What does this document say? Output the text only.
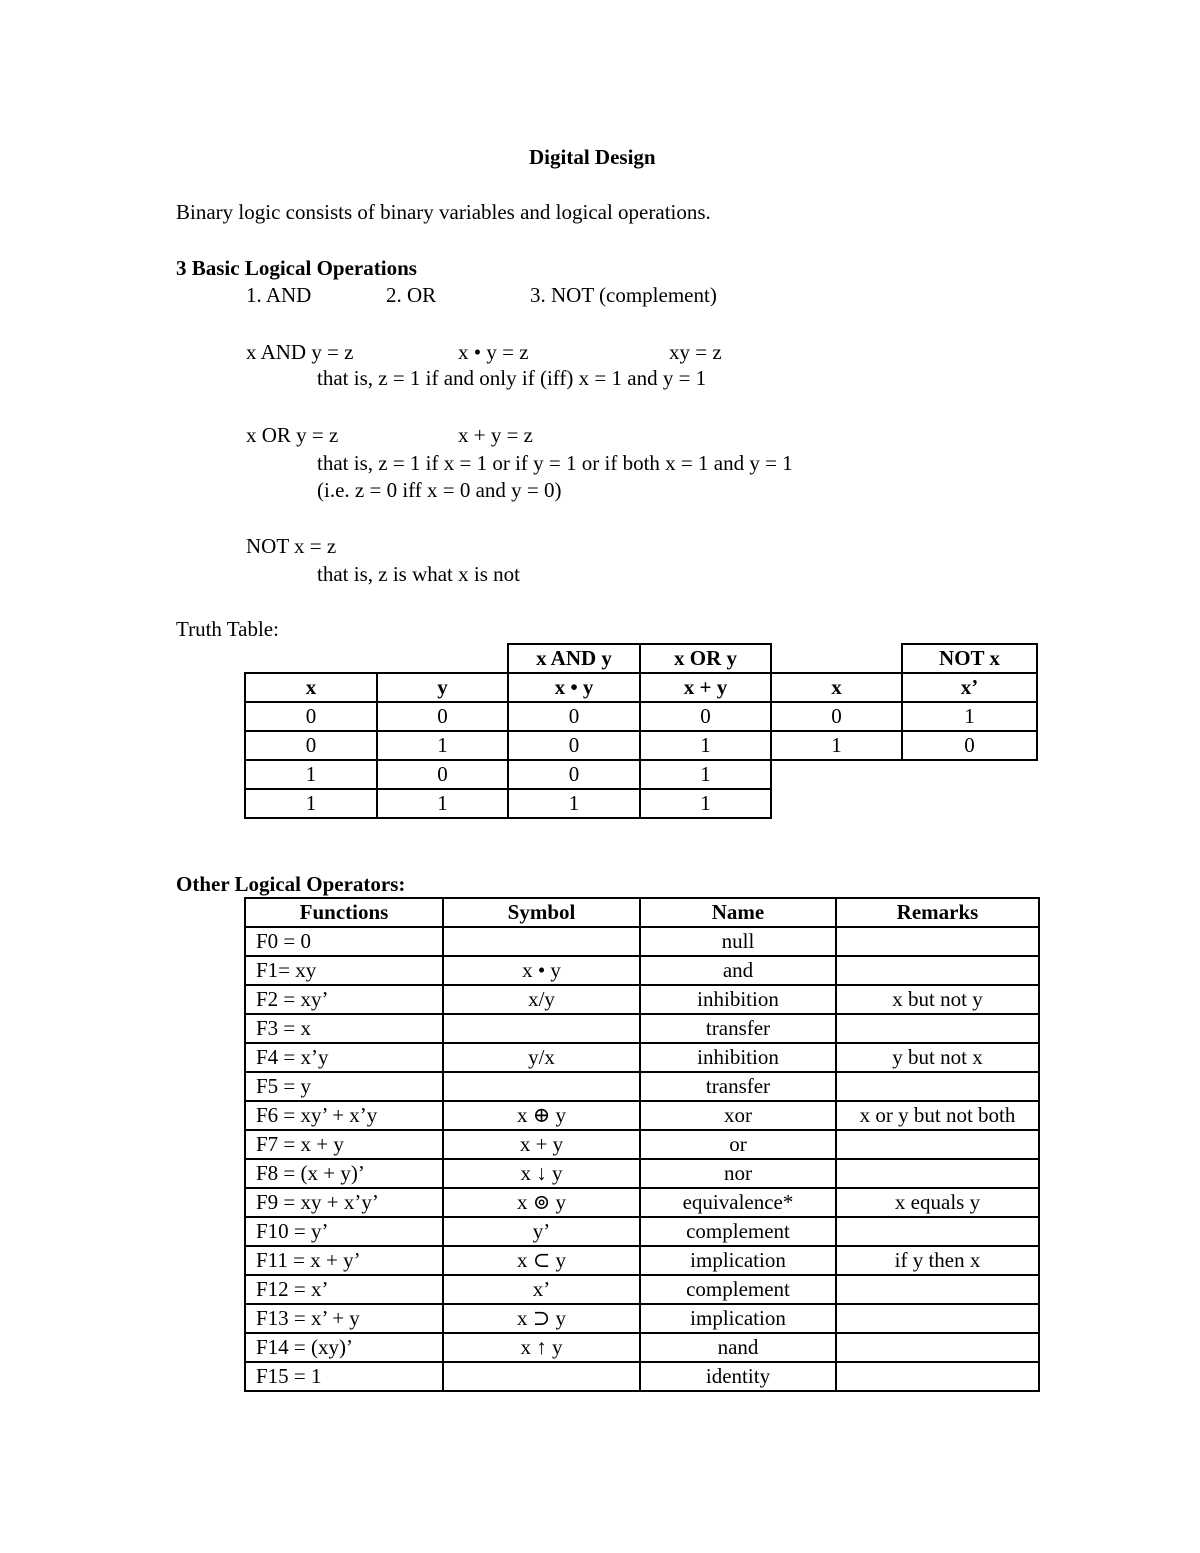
Digital Design
Binary logic consists of binary variables and logical operations.
3 Basic Logical Operations
1. AND	2. OR	3. NOT (complement)
x AND y = z	x • y = z	xy = z
that is, z = 1 if and only if (iff) x = 1 and y = 1
x OR y = z	x + y = z
that is, z = 1 if x = 1 or if y = 1 or if both x = 1 and y = 1
(i.e. z = 0 iff x = 0 and y = 0)
NOT x = z
that is, z is what x is not
Truth Table:
		x AND y	x OR y		NOT x
x	y	x • y	x + y	x	x’
0	0	0	0	0	1
0	1	0	1	1	0
1	0	0	1		
1	1	1	1		
Other Logical Operators:
Functions	Symbol	Name	Remarks
F0 = 0		null	
F1= xy	x • y	and	
F2 = xy’	x/y	inhibition	x but not y
F3 = x		transfer	
F4 = x’y	y/x	inhibition	y but not x
F5 = y		transfer	
F6 = xy’ + x’y	x ⊕ y	xor	x or y but not both
F7 = x + y	x + y	or	
F8 = (x + y)’	x ↓ y	nor	
F9 = xy + x’y’	x ⊚ y	equivalence*	x equals y
F10 = y’	y’	complement	
F11 = x + y’	x ⊂ y	implication	if y then x
F12 = x’	x’	complement	
F13 = x’ + y	x ⊃ y	implication	
F14 = (xy)’	x ↑ y	nand	
F15 = 1		identity	
